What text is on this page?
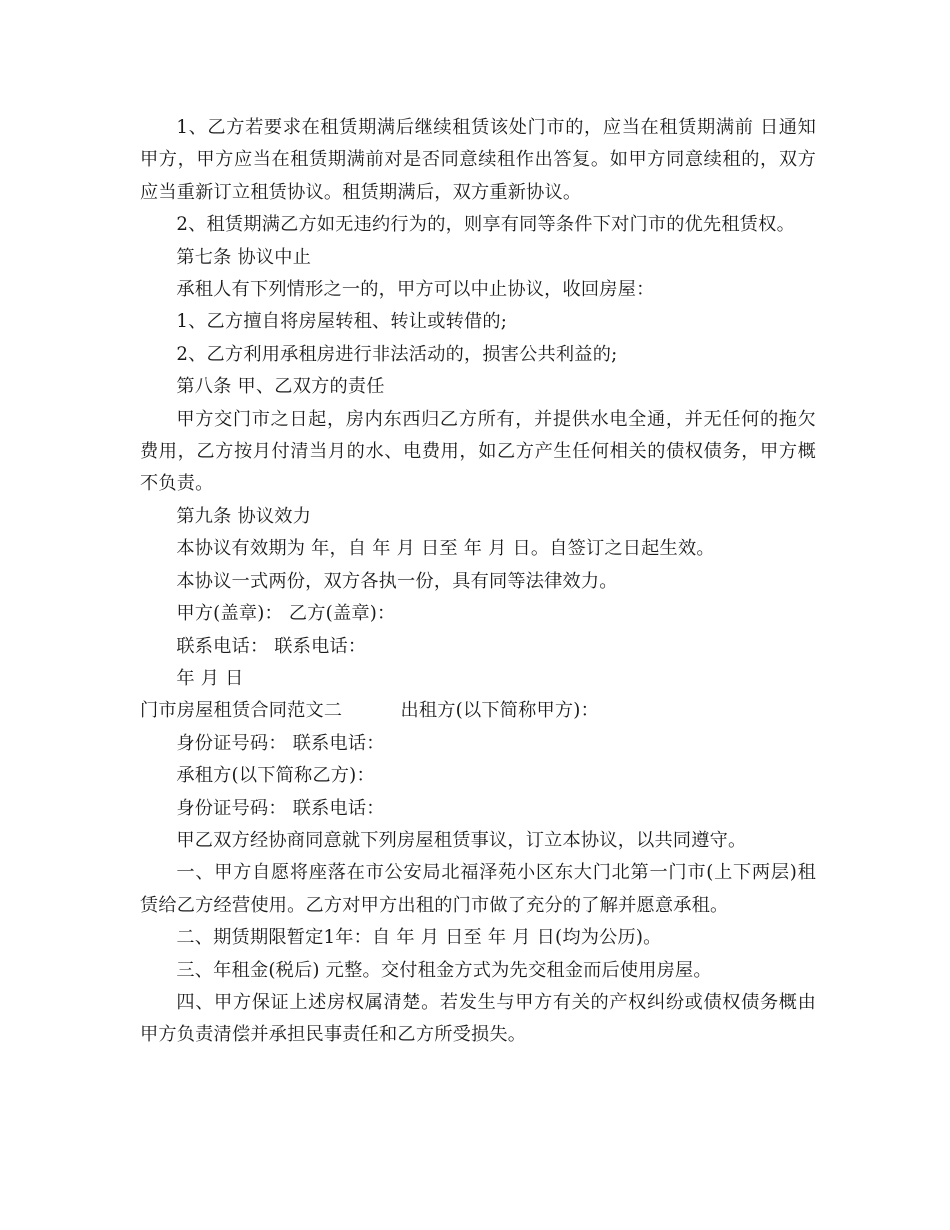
1、乙方若要求在租赁期满后继续租赁该处门市的，应当在租赁期满前 日通知甲方，甲方应当在租赁期满前对是否同意续租作出答复。如甲方同意续租的，双方应当重新订立租赁协议。租赁期满后，双方重新协议。

2、租赁期满乙方如无违约行为的，则享有同等条件下对门市的优先租赁权。

第七条 协议中止

承租人有下列情形之一的，甲方可以中止协议，收回房屋：

1、乙方擅自将房屋转租、转让或转借的;

2、乙方利用承租房进行非法活动的，损害公共利益的;

第八条 甲、乙双方的责任

甲方交门市之日起，房内东西归乙方所有，并提供水电全通，并无任何的拖欠费用，乙方按月付清当月的水、电费用，如乙方产生任何相关的债权债务，甲方概不负责。

第九条 协议效力

本协议有效期为 年，自 年 月 日至 年 月 日。自签订之日起生效。

本协议一式两份，双方各执一份，具有同等法律效力。

甲方(盖章)： 乙方(盖章)：

联系电话： 联系电话：

年 月 日

门市房屋租赁合同范文二	出租方(以下简称甲方)：

身份证号码： 联系电话：

承租方(以下简称乙方)：

身份证号码： 联系电话：

甲乙双方经协商同意就下列房屋租赁事议，订立本协议，以共同遵守。

一、甲方自愿将座落在市公安局北福泽苑小区东大门北第一门市(上下两层)租赁给乙方经营使用。乙方对甲方出租的门市做了充分的了解并愿意承租。

二、期赁期限暂定1年：自 年 月 日至 年 月 日(均为公历)。

三、年租金(税后) 元整。交付租金方式为先交租金而后使用房屋。

四、甲方保证上述房权属清楚。若发生与甲方有关的产权纠纷或债权债务概由甲方负责清偿并承担民事责任和乙方所受损失。
